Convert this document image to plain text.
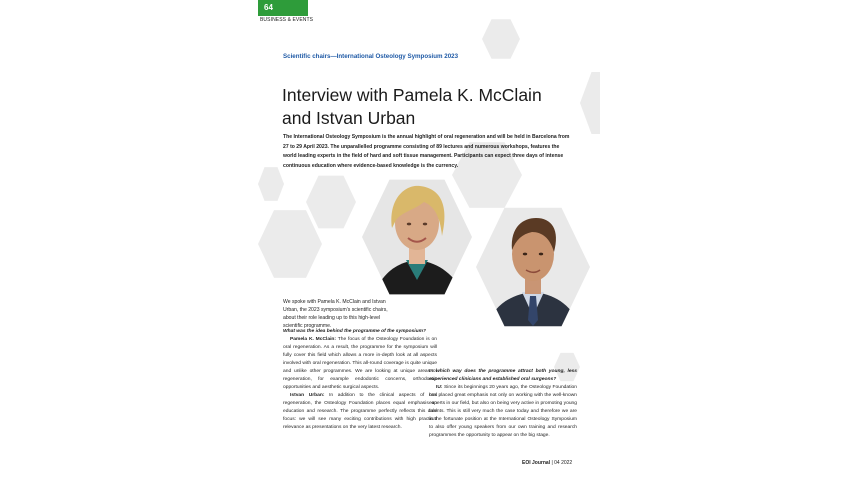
64
BUSINESS & EVENTS
Scientific chairs—International Osteology Symposium 2023
Interview with Pamela K. McClain and Istvan Urban

The International Osteology Symposium is the annual highlight of oral regeneration and will be held in Barcelona from 27 to 29 April 2023. The unparallelled programme consisting of 89 lectures and numerous workshops, features the world leading experts in the field of hard and soft tissue management. Participants can expect three days of intense continuous education where evidence-based knowledge is the currency.

We spoke with Pamela K. McClain and Istvan Urban, the 2023 symposium’s scientific chairs, about their role leading up to this high-level scientific programme.

What was the idea behind the programme of the symposium?

Pamela K. McClain: The focus of the Osteology Foundation is on oral regeneration. As a result, the programme for the symposium will fully cover this field which allows a more in-depth look at all aspects involved with oral regeneration. This all-round coverage is quite unique and unlike other programmes. We are looking at unique areas of regeneration, for example endodontic concerns, orthodontic opportunities and aesthetic surgical aspects.

Istvan Urban: In addition to the clinical aspects of oral regeneration, the Osteology Foundation places equal emphasis on education and research. The programme perfectly reflects this dual focus: we will see many exciting contributions with high practical relevance as presentations on the very latest research.

In which way does the programme attract both young, less experienced clinicians and established oral surgeons?

IU: Since its beginnings 20 years ago, the Osteology Foundation has placed great emphasis not only on working with the well-known experts in our field, but also on being very active in promoting young talents. This is still very much the case today and therefore we are in the fortunate position at the International Osteology Symposium to also offer young speakers from our own training and research programmes the opportunity to appear on the big stage.

EOI Journal | 04 2022
